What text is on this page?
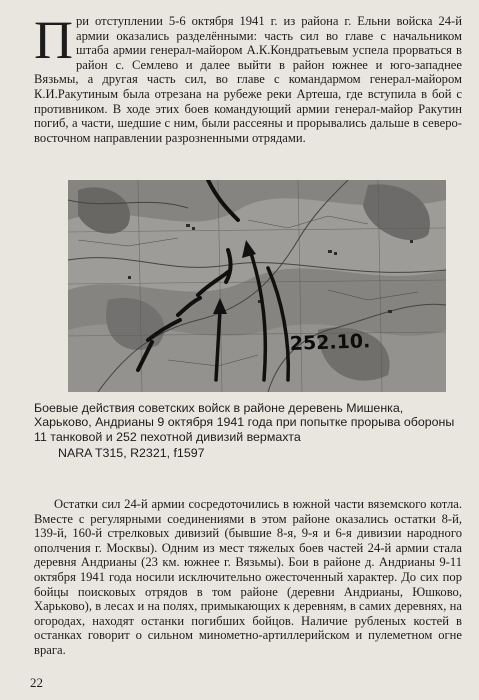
При отступлении 5-6 октября 1941 г. из района г. Ельни войска 24-й армии оказались разделёнными: часть сил во главе с начальником штаба армии генерал-майором А.К.Кондратьевым успела прорваться в район с. Семлево и далее выйти в район южнее и юго-западнее Вязьмы, а другая часть сил, во главе с командармом генерал-майором К.И.Ракутиным была отрезана на рубеже реки Артеша, где вступила в бой с противником. В ходе этих боев командующий армии генерал-майор Ракутин погиб, а части, шедшие с ним, были рассеяны и прорывались дальше в северо-восточном направлении разрозненными отрядами.
252.10.
Боевые действия советских войск в районе деревень Мишенка, Харьково, Андрианы 9 октября 1941 года при попытке прорыва обороны 11 танковой и 252 пехотной дивизий вермахта
NARA T315, R2321, f1597
Остатки сил 24-й армии сосредоточились в южной части вяземского котла. Вместе с регулярными соединениями в этом районе оказались остатки 8-й, 139-й, 160-й стрелковых дивизий (бывшие 8-я, 9-я и 6-я дивизии народного ополчения г. Москвы). Одним из мест тяжелых боев частей 24-й армии стала деревня Андрианы (23 км. южнее г. Вязьмы). Бои в районе д. Андрианы 9-11 октября 1941 года носили исключительно ожесточенный характер. До сих пор бойцы поисковых отрядов в том районе (деревни Андрианы, Юшково, Харьково), в лесах и на полях, примыкающих к деревням, в самих деревнях, на огородах, находят останки погибших бойцов. Наличие рубленых костей в останках говорит о сильном минометно-артиллерийском и пулеметном огне врага.
22
